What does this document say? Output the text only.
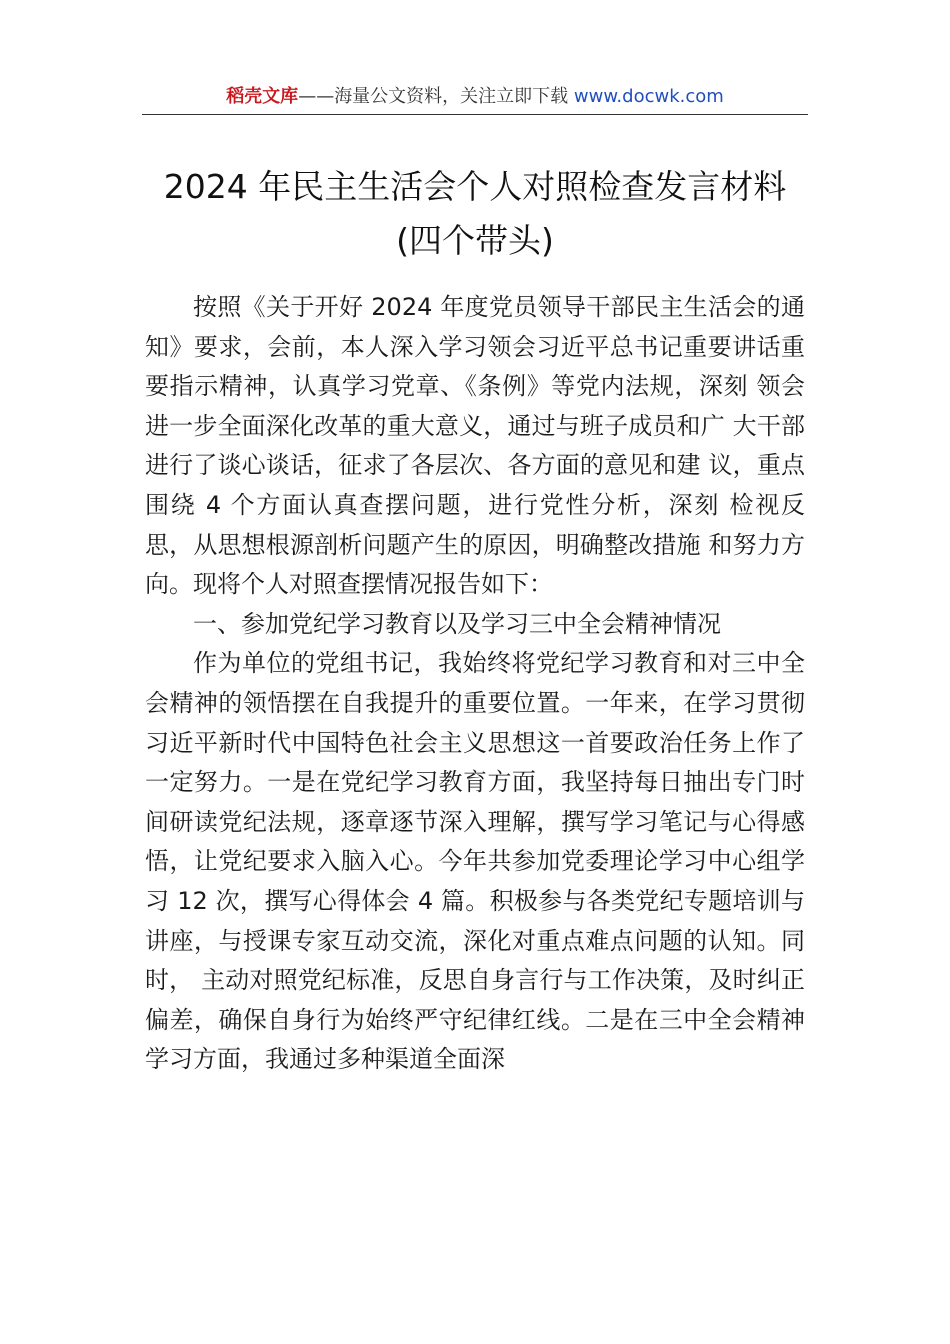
稻壳文库——海量公文资料，关注立即下载 www.docwk.com
2024 年民主生活会个人对照检查发言材料
(四个带头)

按照《关于开好 2024 年度党员领导干部民主生活会的通知》要求，会前，本人深入学习领会习近平总书记重要讲话重要指示精神，认真学习党章、《条例》等党内法规，深刻 领会进一步全面深化改革的重大意义，通过与班子成员和广 大干部进行了谈心谈话，征求了各层次、各方面的意见和建 议，重点围绕 4 个方面认真查摆问题，进行党性分析，深刻 检视反思，从思想根源剖析问题产生的原因，明确整改措施 和努力方向。现将个人对照查摆情况报告如下：

一、参加党纪学习教育以及学习三中全会精神情况

作为单位的党组书记，我始终将党纪学习教育和对三中全会精神的领悟摆在自我提升的重要位置。一年来，在学习贯彻习近平新时代中国特色社会主义思想这一首要政治任务上作了一定努力。一是在党纪学习教育方面，我坚持每日抽出专门时间研读党纪法规，逐章逐节深入理解，撰写学习笔记与心得感悟，让党纪要求入脑入心。今年共参加党委理论学习中心组学习 12 次，撰写心得体会 4 篇。积极参与各类党纪专题培训与讲座，与授课专家互动交流，深化对重点难点问题的认知。同时， 主动对照党纪标准，反思自身言行与工作决策，及时纠正偏差，确保自身行为始终严守纪律红线。二是在三中全会精神学习方面，我通过多种渠道全面深
